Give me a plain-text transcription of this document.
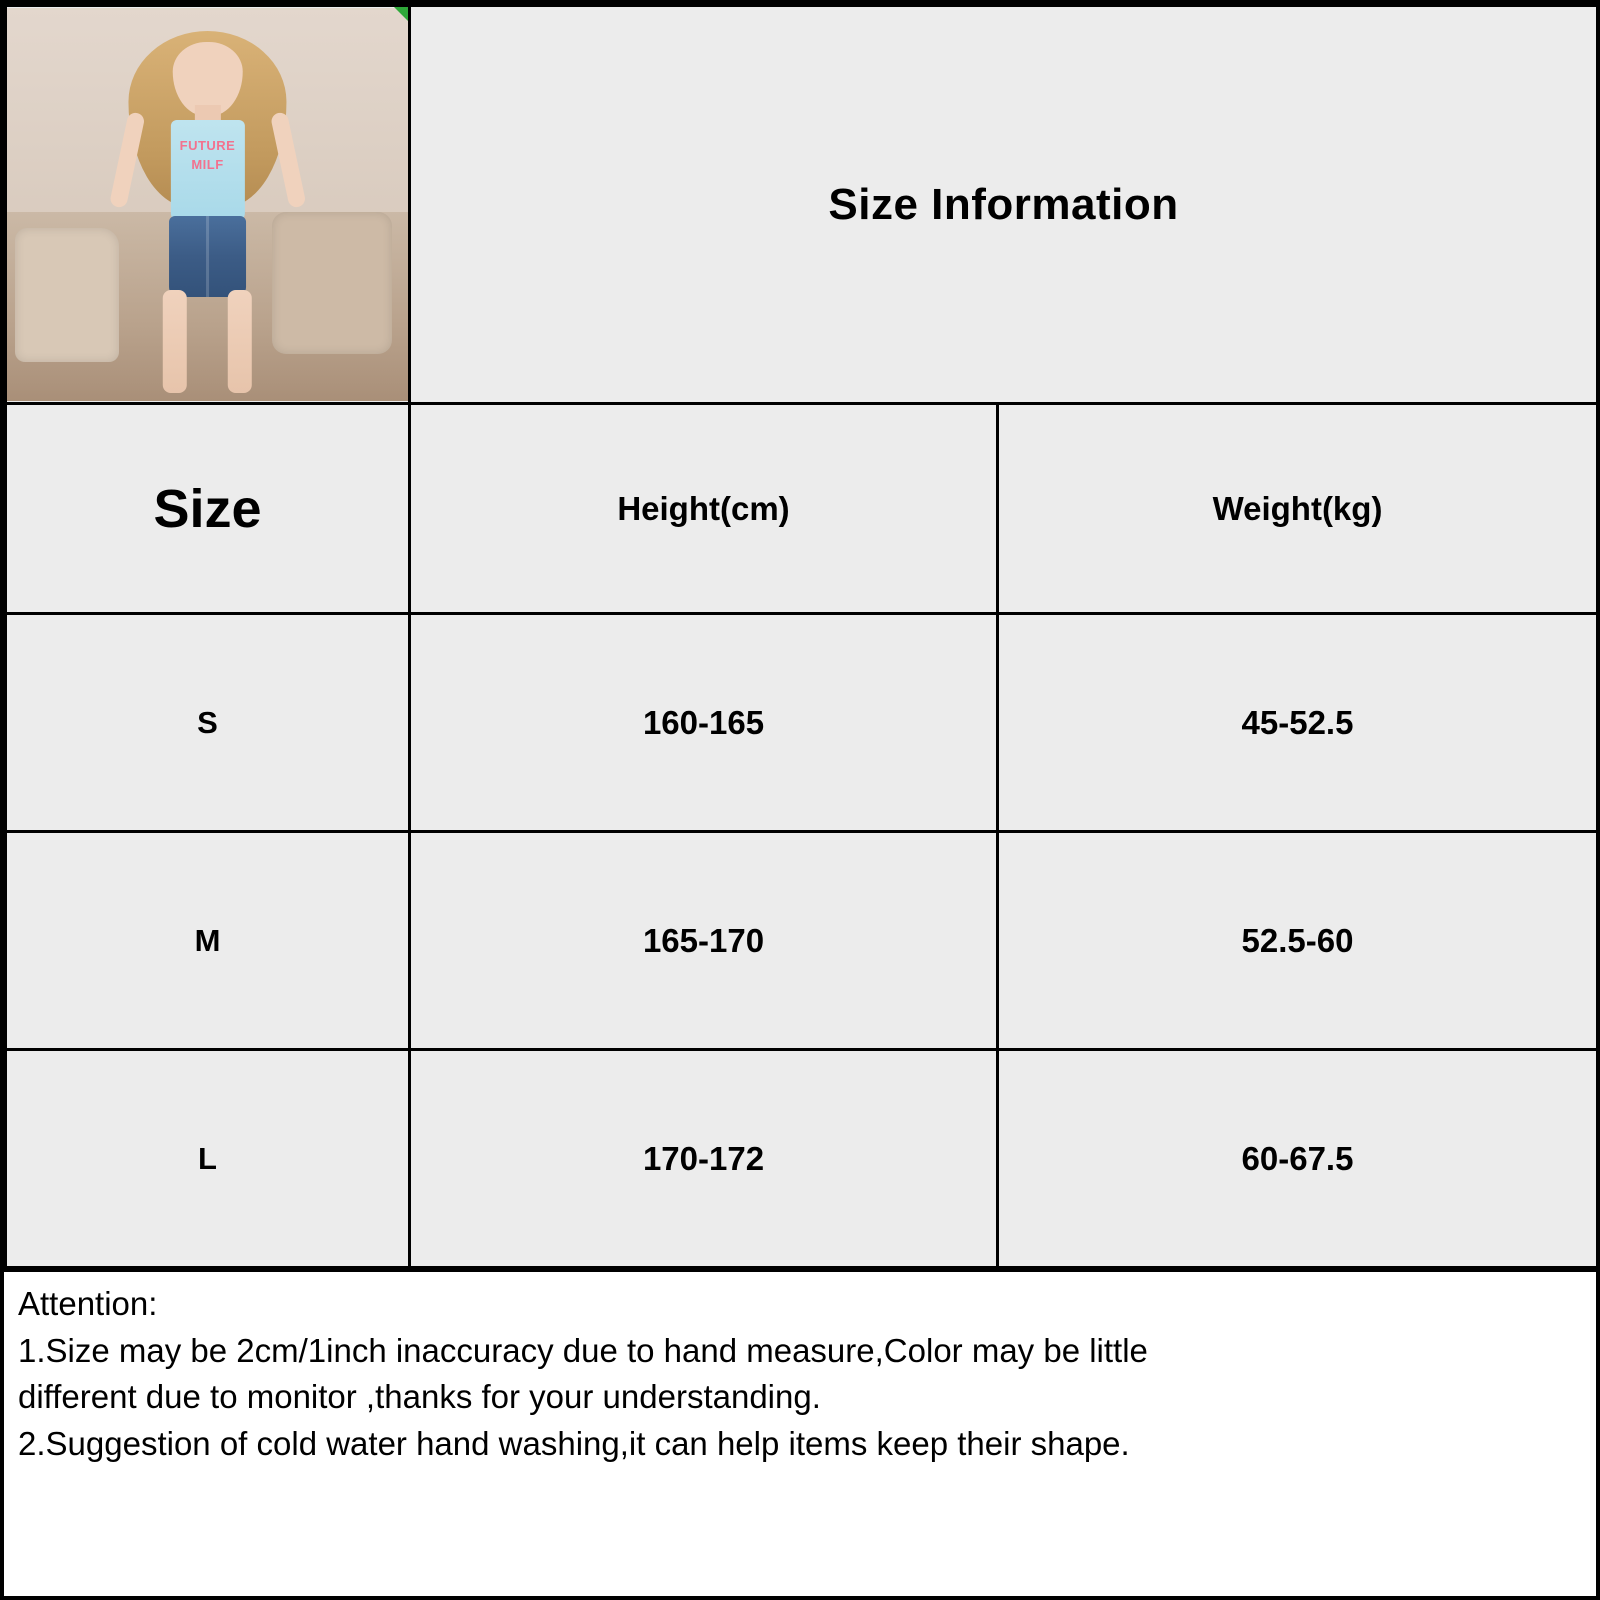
FUTURE
MILF	Size Information	

Size	Height(cm)	Weight(kg)
S	160-165	45-52.5
M	165-170	52.5-60
L	170-172	60-67.5

Attention:

1.Size may be 2cm/1inch inaccuracy due to hand measure,Color may be little

different due to monitor ,thanks for your understanding.

2.Suggestion of cold water hand washing,it can help items keep their shape.
